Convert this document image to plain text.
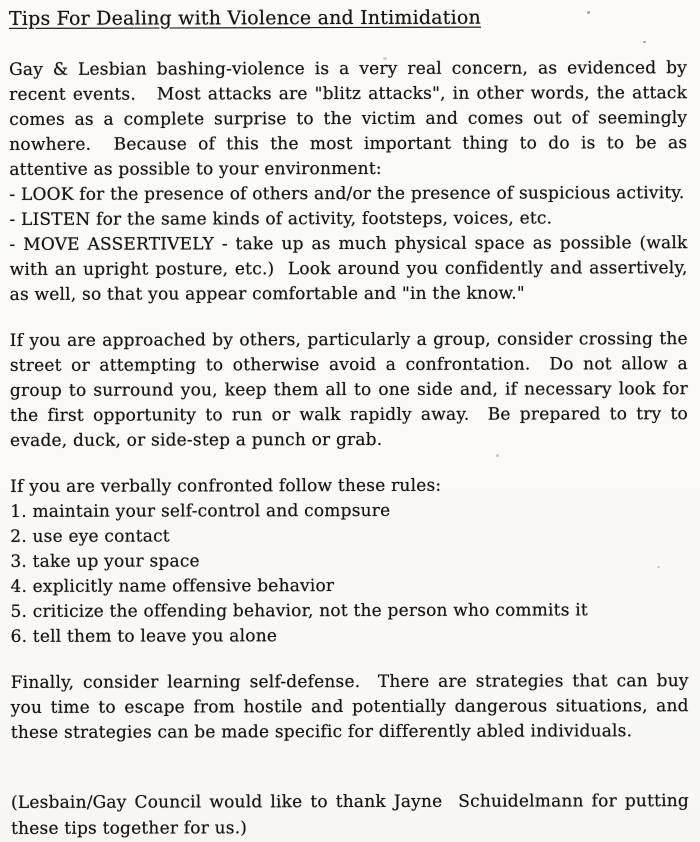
Tips For Dealing with Violence and Intimidation

Gay & Lesbian bashing-violence is a very real concern, as evidenced by recent events.   Most attacks are "blitz attacks", in other words, the attack comes as a complete surprise to the victim and comes out of seemingly nowhere.  Because of this the most important thing to do is to be as attentive as possible to your environment:

- LOOK for the presence of others and/or the presence of suspicious activity.

- LISTEN for the same kinds of activity, footsteps, voices, etc.

- MOVE ASSERTIVELY - take up as much physical space as possible (walk with an upright posture, etc.)  Look around you confidently and assertively, as well, so that you appear comfortable and "in the know."

If you are approached by others, particularly a group, consider crossing the street or attempting to otherwise avoid a confrontation.  Do not allow a group to surround you, keep them all to one side and, if necessary look for the first opportunity to run or walk rapidly away.  Be prepared to try to evade, duck, or side-step a punch or grab.

If you are verbally confronted follow these rules:

1. maintain your self-control and compsure

2. use eye contact

3. take up your space

4. explicitly name offensive behavior

5. criticize the offending behavior, not the person who commits it

6. tell them to leave you alone

Finally, consider learning self-defense.  There are strategies that can buy you time to escape from hostile and potentially dangerous situations, and these strategies can be made specific for differently abled individuals.

(Lesbain/Gay Council would like to thank Jayne  Schuidelmann for putting these tips together for us.)
